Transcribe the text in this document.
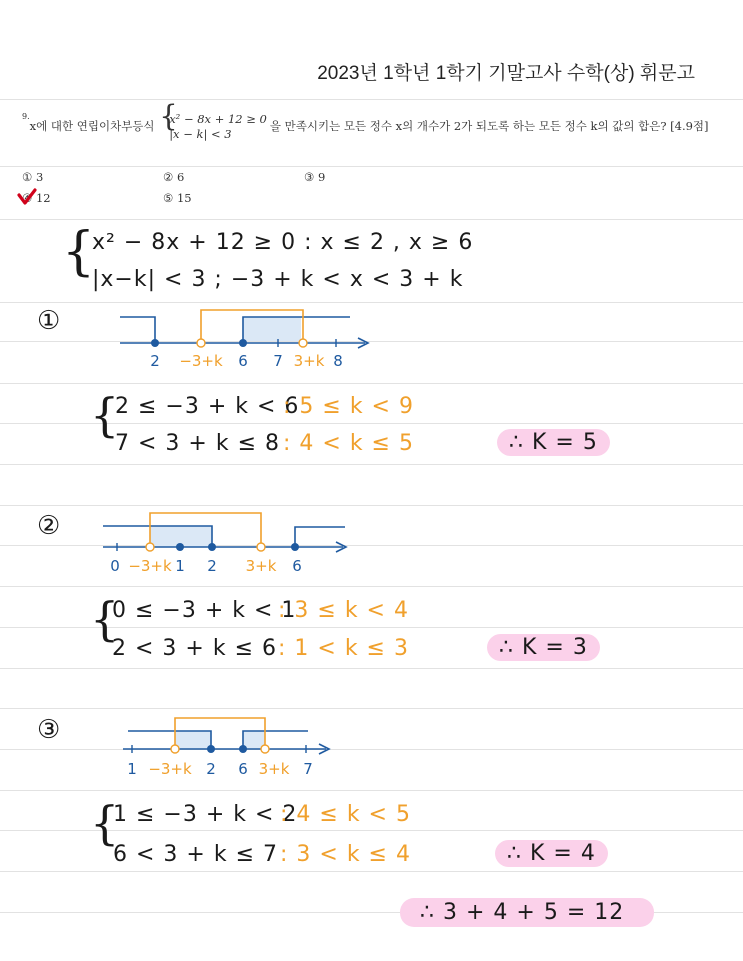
2023년 1학년 1학기 기말고사 수학(상) 휘문고
$^{9.}$x에 대한 연립이차부등식
{ x² − 8x + 12 ≥ 0
|x − k| < 3
을 만족시키는 모든 정수 x의 개수가 2가 되도록 하는 모든 정수 k의 값의 합은? [4.9점]
① 3	② 6	③ 9
④ 12	⑤ 15
{
x² − 8x + 12 ≥ 0 : x ≤ 2 , x ≥ 6
|x−k| < 3 ; −3 + k < x < 3 + k
①
2 −3+k 6 7 3+k 8
{
2 ≤ −3 + k < 6
: 5 ≤ k < 9
7 < 3 + k ≤ 8 : 4 < k ≤ 5	∴ K = 5
②
0 −3+k 1 2 3+k 6
{
0 ≤ −3 + k < 1
: 3 ≤ k < 4
2 < 3 + k ≤ 6 : 1 < k ≤ 3	∴ K = 3
③
1 −3+k 2 6 3+k 7
{
1 ≤ −3 + k < 2
: 4 ≤ k < 5
6 < 3 + k ≤ 7 : 3 < k ≤ 4	∴ K = 4
∴ 3 + 4 + 5 = 12
